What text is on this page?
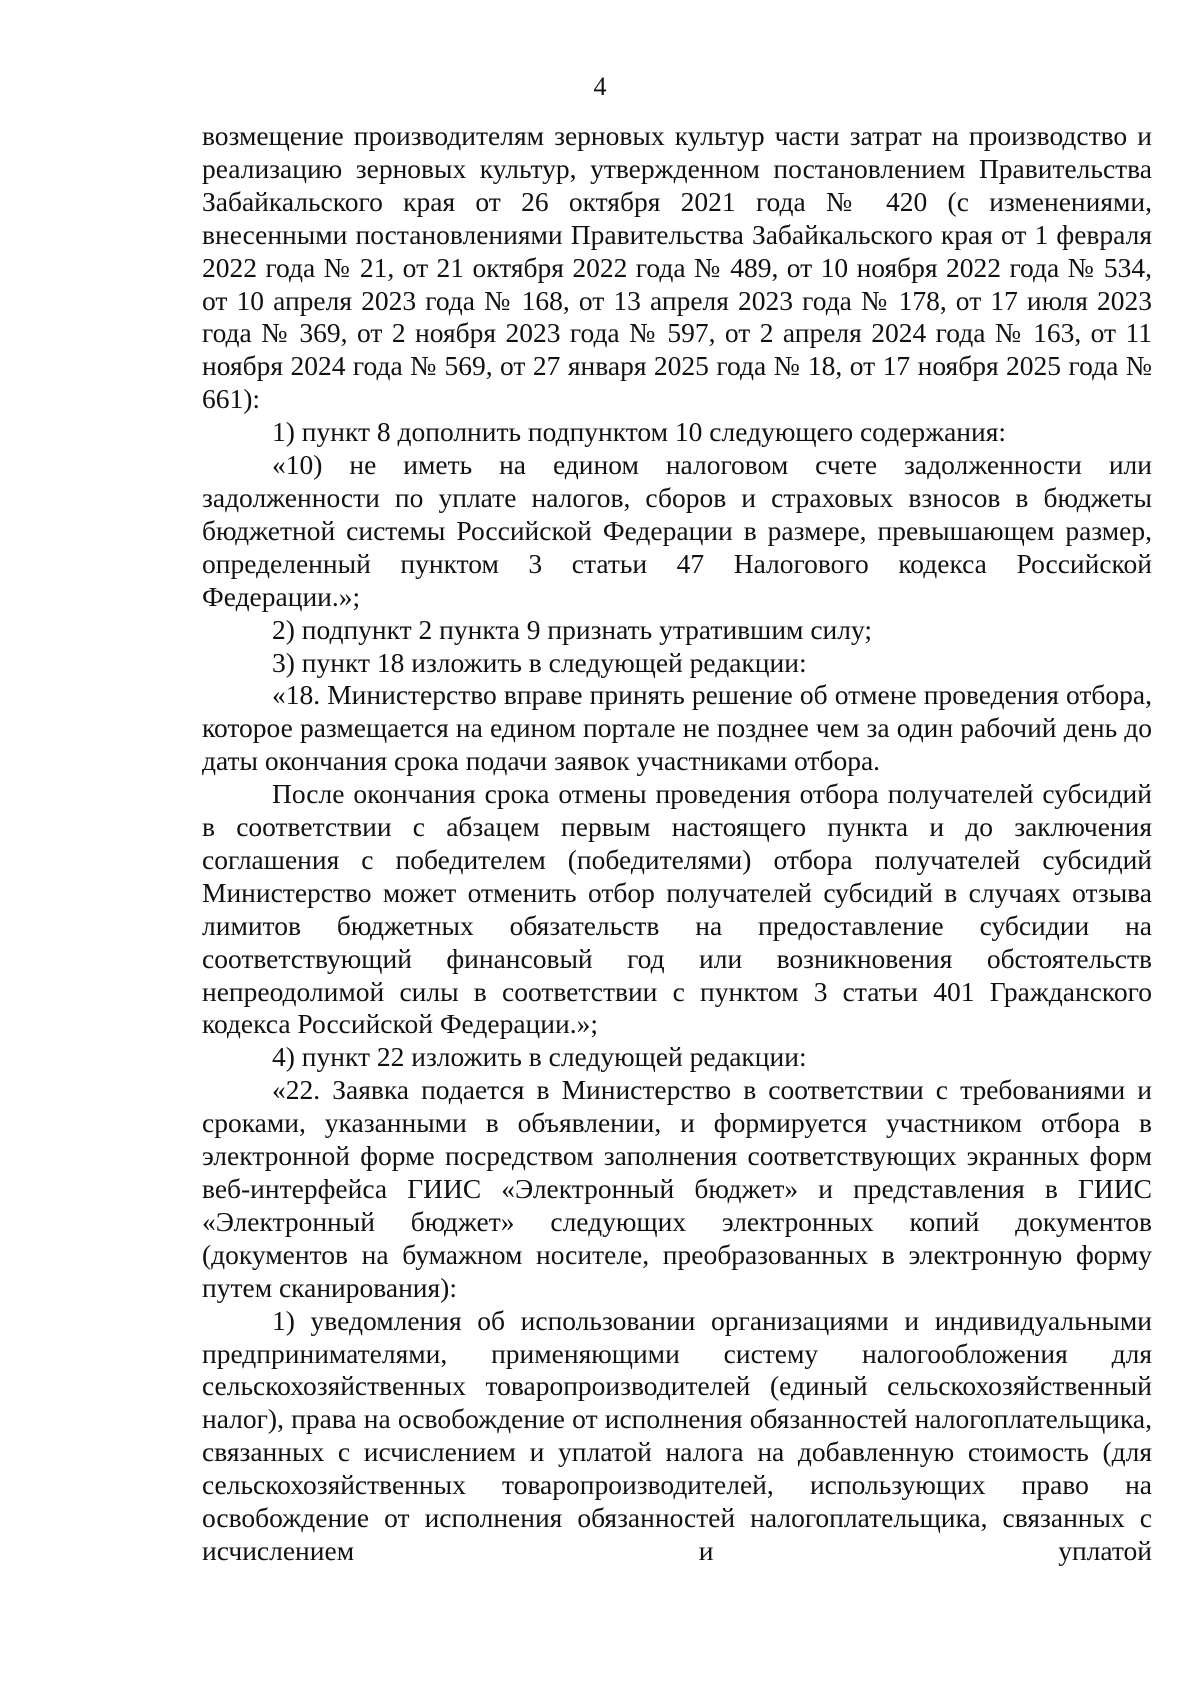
4

возмещение производителям зерновых культур части затрат на производство и реализацию зерновых культур, утвержденном постановлением Правительства Забайкальского края от 26 октября 2021 года № 420 (с изменениями, внесенными постановлениями Правительства Забайкальского края от 1 февраля 2022 года № 21, от 21 октября 2022 года № 489, от 10 ноября 2022 года № 534, от 10 апреля 2023 года № 168, от 13 апреля 2023 года № 178, от 17 июля 2023 года № 369, от 2 ноября 2023 года № 597, от 2 апреля 2024 года № 163, от 11 ноября 2024 года № 569, от 27 января 2025 года № 18, от 17 ноября 2025 года № 661):

1) пункт 8 дополнить подпунктом 10 следующего содержания:

«10) не иметь на едином налоговом счете задолженности или задолженности по уплате налогов, сборов и страховых взносов в бюджеты бюджетной системы Российской Федерации в размере, превышающем размер, определенный пунктом 3 статьи 47 Налогового кодекса Российской Федерации.»;

2) подпункт 2 пункта 9 признать утратившим силу;

3) пункт 18 изложить в следующей редакции:

«18. Министерство вправе принять решение об отмене проведения отбора, которое размещается на едином портале не позднее чем за один рабочий день до даты окончания срока подачи заявок участниками отбора.

После окончания срока отмены проведения отбора получателей субсидий в соответствии с абзацем первым настоящего пункта и до заключения соглашения с победителем (победителями) отбора получателей субсидий Министерство может отменить отбор получателей субсидий в случаях отзыва лимитов бюджетных обязательств на предоставление субсидии на соответствующий финансовый год или возникновения обстоятельств непреодолимой силы в соответствии с пунктом 3 статьи 401 Гражданского кодекса Российской Федерации.»;

4) пункт 22 изложить в следующей редакции:

«22. Заявка подается в Министерство в соответствии с требованиями и сроками, указанными в объявлении, и формируется участником отбора в электронной форме посредством заполнения соответствующих экранных форм веб-интерфейса ГИИС «Электронный бюджет» и представления в ГИИС «Электронный бюджет» следующих электронных копий документов (документов на бумажном носителе, преобразованных в электронную форму путем сканирования):

1) уведомления об использовании организациями и индивидуальными предпринимателями, применяющими систему налогообложения для сельскохозяйственных товаропроизводителей (единый сельскохозяйственный налог), права на освобождение от исполнения обязанностей налогоплательщика, связанных с исчислением и уплатой налога на добавленную стоимость (для сельскохозяйственных товаропроизводителей, использующих право на освобождение от исполнения обязанностей налогоплательщика, связанных с исчислением и уплатой
